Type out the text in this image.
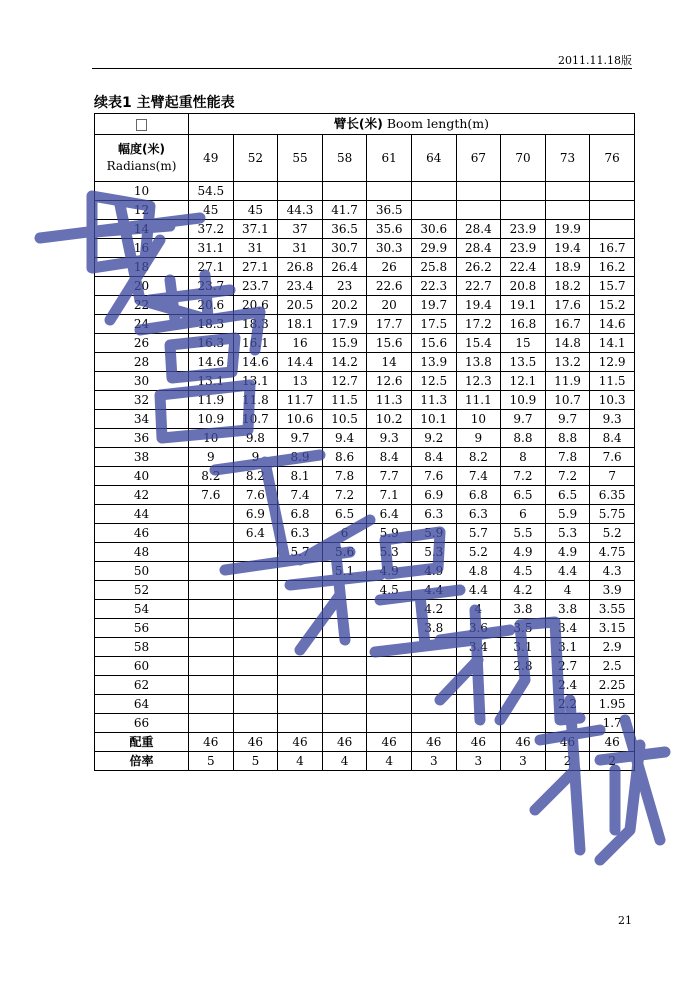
2011.11.18版
续表1 主臂起重性能表
	臂长(米) Boom length(m)									
幅度(米)
Radians(m)	49	52	55	58	61	64	67	70	73	76
10	54.5									
12	45	45	44.3	41.7	36.5					
14	37.2	37.1	37	36.5	35.6	30.6	28.4	23.9	19.9	
16	31.1	31	31	30.7	30.3	29.9	28.4	23.9	19.4	16.7
18	27.1	27.1	26.8	26.4	26	25.8	26.2	22.4	18.9	16.2
20	23.7	23.7	23.4	23	22.6	22.3	22.7	20.8	18.2	15.7
22	20.6	20.6	20.5	20.2	20	19.7	19.4	19.1	17.6	15.2
24	18.3	18.3	18.1	17.9	17.7	17.5	17.2	16.8	16.7	14.6
26	16.3	16.1	16	15.9	15.6	15.6	15.4	15	14.8	14.1
28	14.6	14.6	14.4	14.2	14	13.9	13.8	13.5	13.2	12.9
30	13.1	13.1	13	12.7	12.6	12.5	12.3	12.1	11.9	11.5
32	11.9	11.8	11.7	11.5	11.3	11.3	11.1	10.9	10.7	10.3
34	10.9	10.7	10.6	10.5	10.2	10.1	10	9.7	9.7	9.3
36	10	9.8	9.7	9.4	9.3	9.2	9	8.8	8.8	8.4
38	9	9	8.9	8.6	8.4	8.4	8.2	8	7.8	7.6
40	8.2	8.2	8.1	7.8	7.7	7.6	7.4	7.2	7.2	7
42	7.6	7.6	7.4	7.2	7.1	6.9	6.8	6.5	6.5	6.35
44		6.9	6.8	6.5	6.4	6.3	6.3	6	5.9	5.75
46		6.4	6.3	6	5.9	5.9	5.7	5.5	5.3	5.2
48			5.7	5.6	5.3	5.3	5.2	4.9	4.9	4.75
50				5.1	4.9	4.9	4.8	4.5	4.4	4.3
52					4.5	4.4	4.4	4.2	4	3.9
54						4.2	4	3.8	3.8	3.55
56						3.8	3.6	3.5	3.4	3.15
58							3.4	3.1	3.1	2.9
60								2.8	2.7	2.5
62									2.4	2.25
64									2.2	1.95
66										1.7
配重	46	46	46	46	46	46	46	46	46	46
倍率	5	5	4	4	4	3	3	3	2	2
21
